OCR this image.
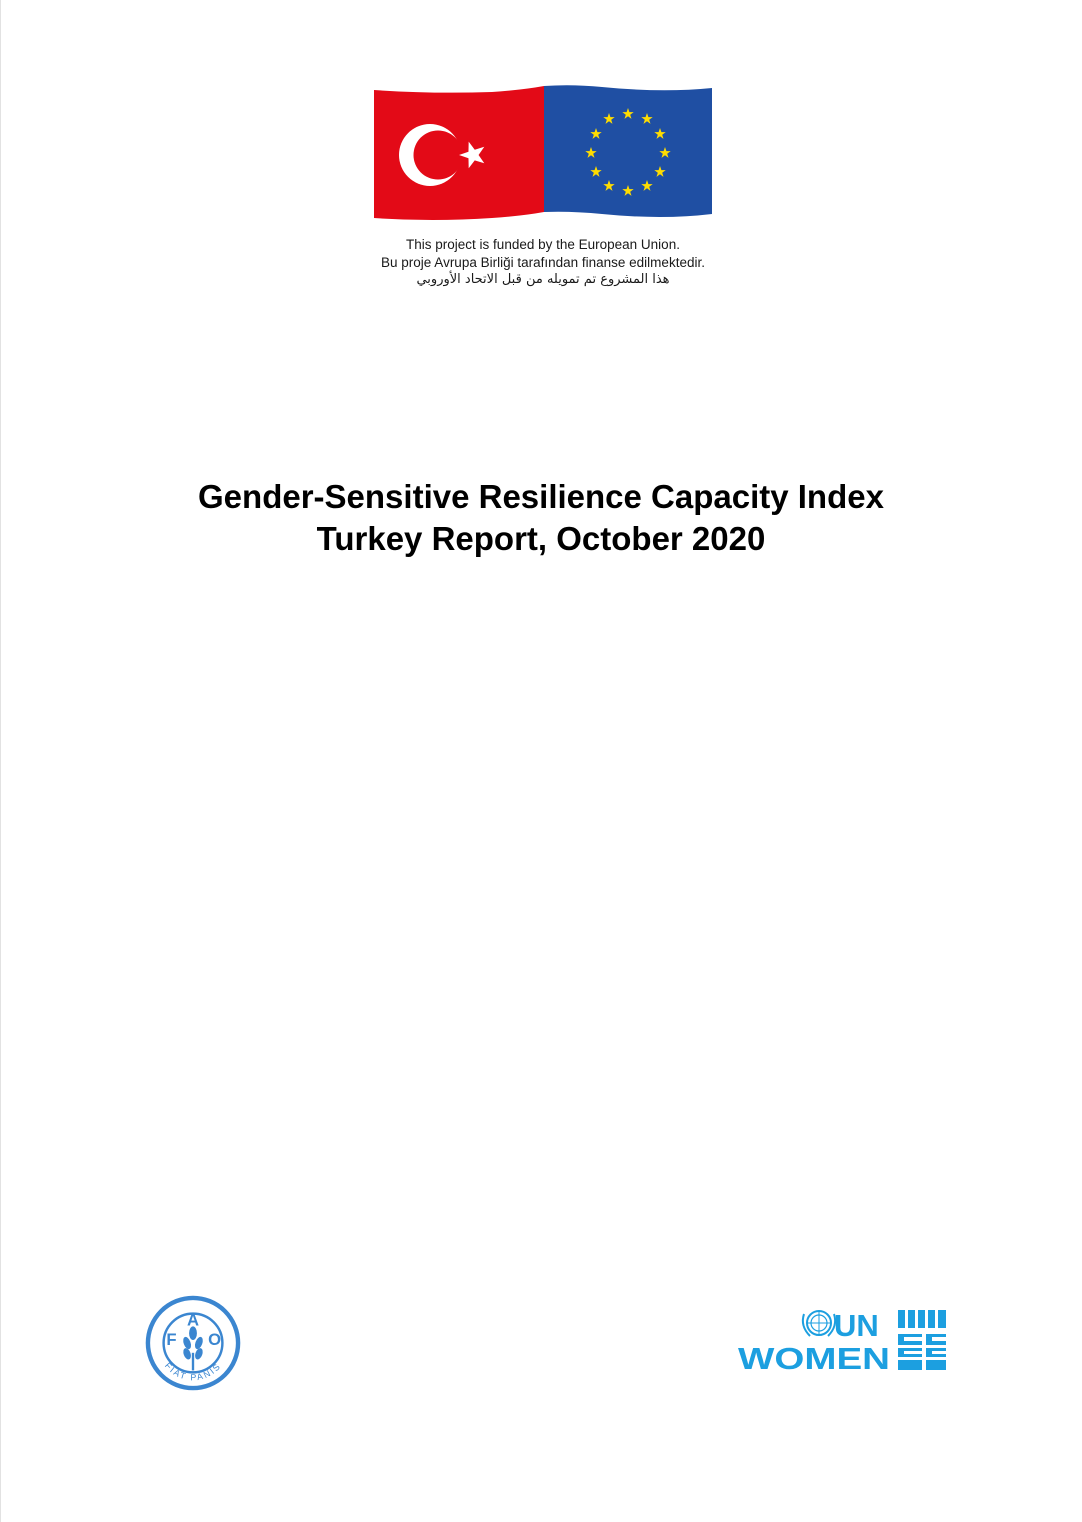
This project is funded by the European Union.
Bu proje Avrupa Birliği tarafından finanse edilmektedir.
هذا المشروع تم تمويله من قبل الاتحاد الأوروبي
Gender-Sensitive Resilience Capacity Index
Turkey Report, October 2020
F
A
O
FIAT PANIS
UN
WOMEN
